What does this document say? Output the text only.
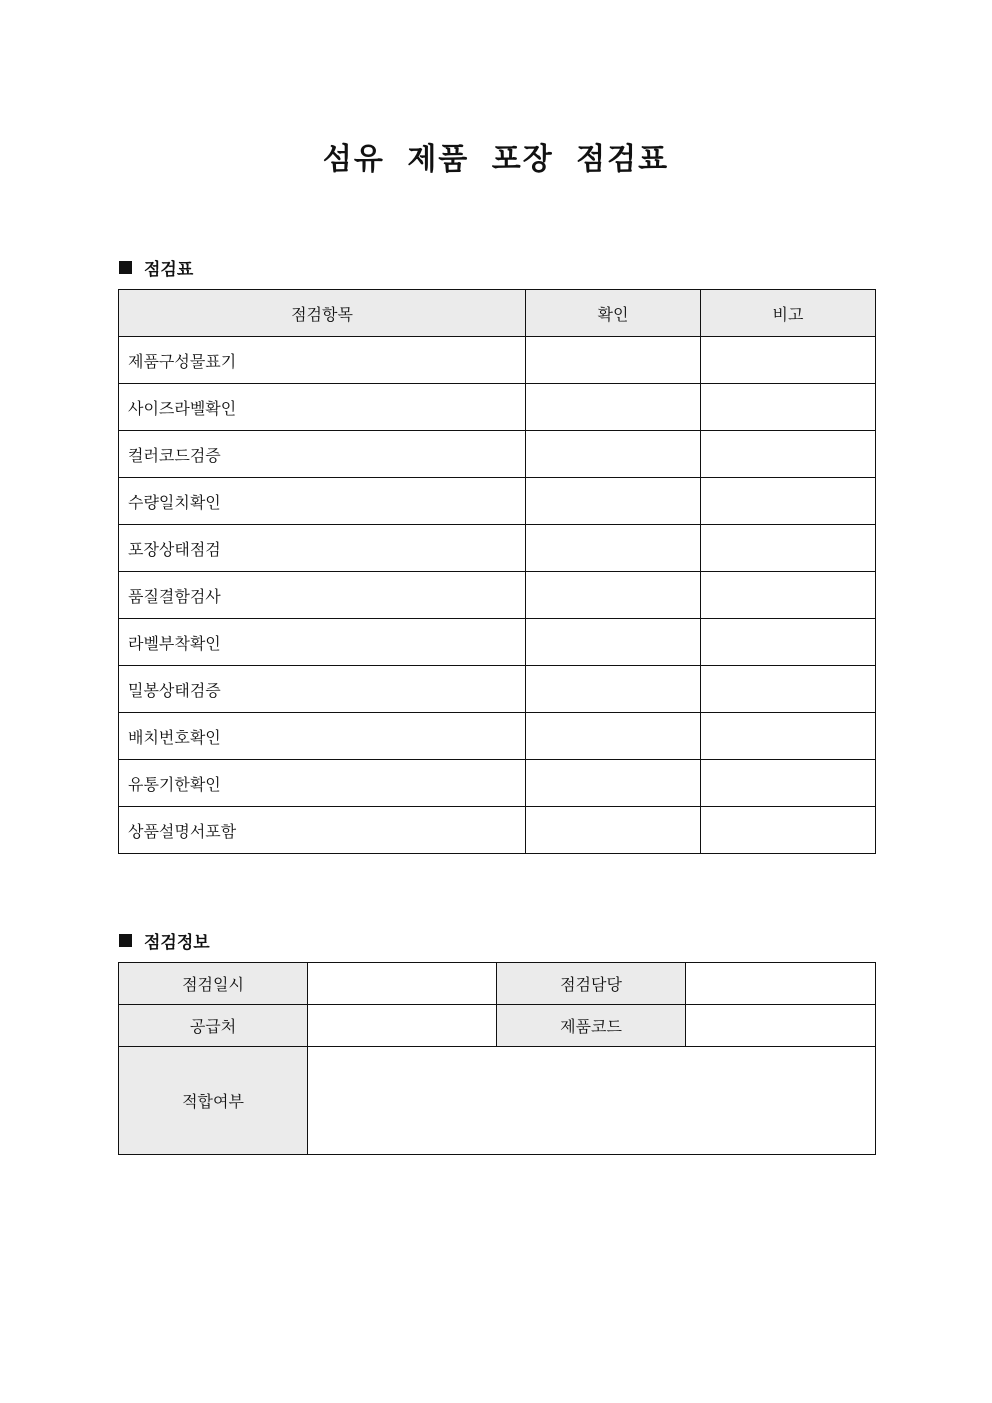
섬유 제품 포장 점검표
점검표
점검항목	확인	비고
제품구성물표기		
사이즈라벨확인		
컬러코드검증		
수량일치확인		
포장상태점검		
품질결함검사		
라벨부착확인		
밀봉상태검증		
배치번호확인		
유통기한확인		
상품설명서포함		
점검정보
점검일시		점검담당	
공급처		제품코드	
적합여부			
